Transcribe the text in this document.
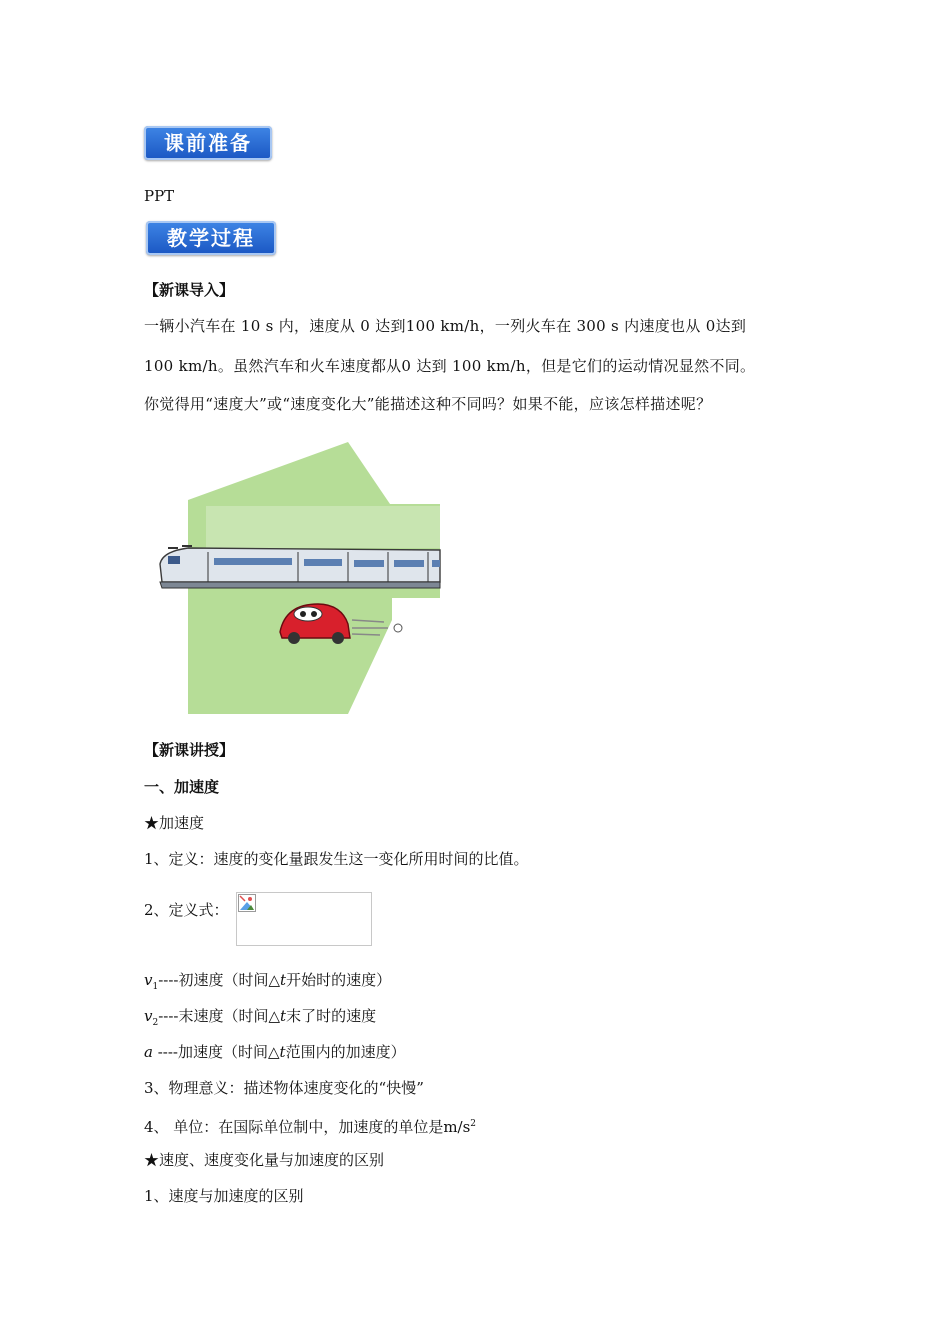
课前准备
PPT
教学过程
【新课导入】
一辆小汽车在 10 s 内，速度从 0 达到100 km/h，一列火车在 300 s 内速度也从 0达到
100 km/h。虽然汽车和火车速度都从0 达到 100 km/h，但是它们的运动情况显然不同。
你觉得用“速度大”或“速度变化大”能描述这种不同吗？如果不能，应该怎样描述呢？
【新课讲授】
一、加速度
★加速度
1、定义：速度的变化量跟发生这一变化所用时间的比值。
2、定义式：
$v_1----$初速度（时间△t开始时的速度）
$v_2----$末速度（时间△t末了时的速度
a ----加速度（时间△t范围内的加速度）
3、物理意义：描述物体速度变化的“快慢”
4、 单位：在国际单位制中，加速度的单位是$m/s^2$
★速度、速度变化量与加速度的区别
1、速度与加速度的区别
